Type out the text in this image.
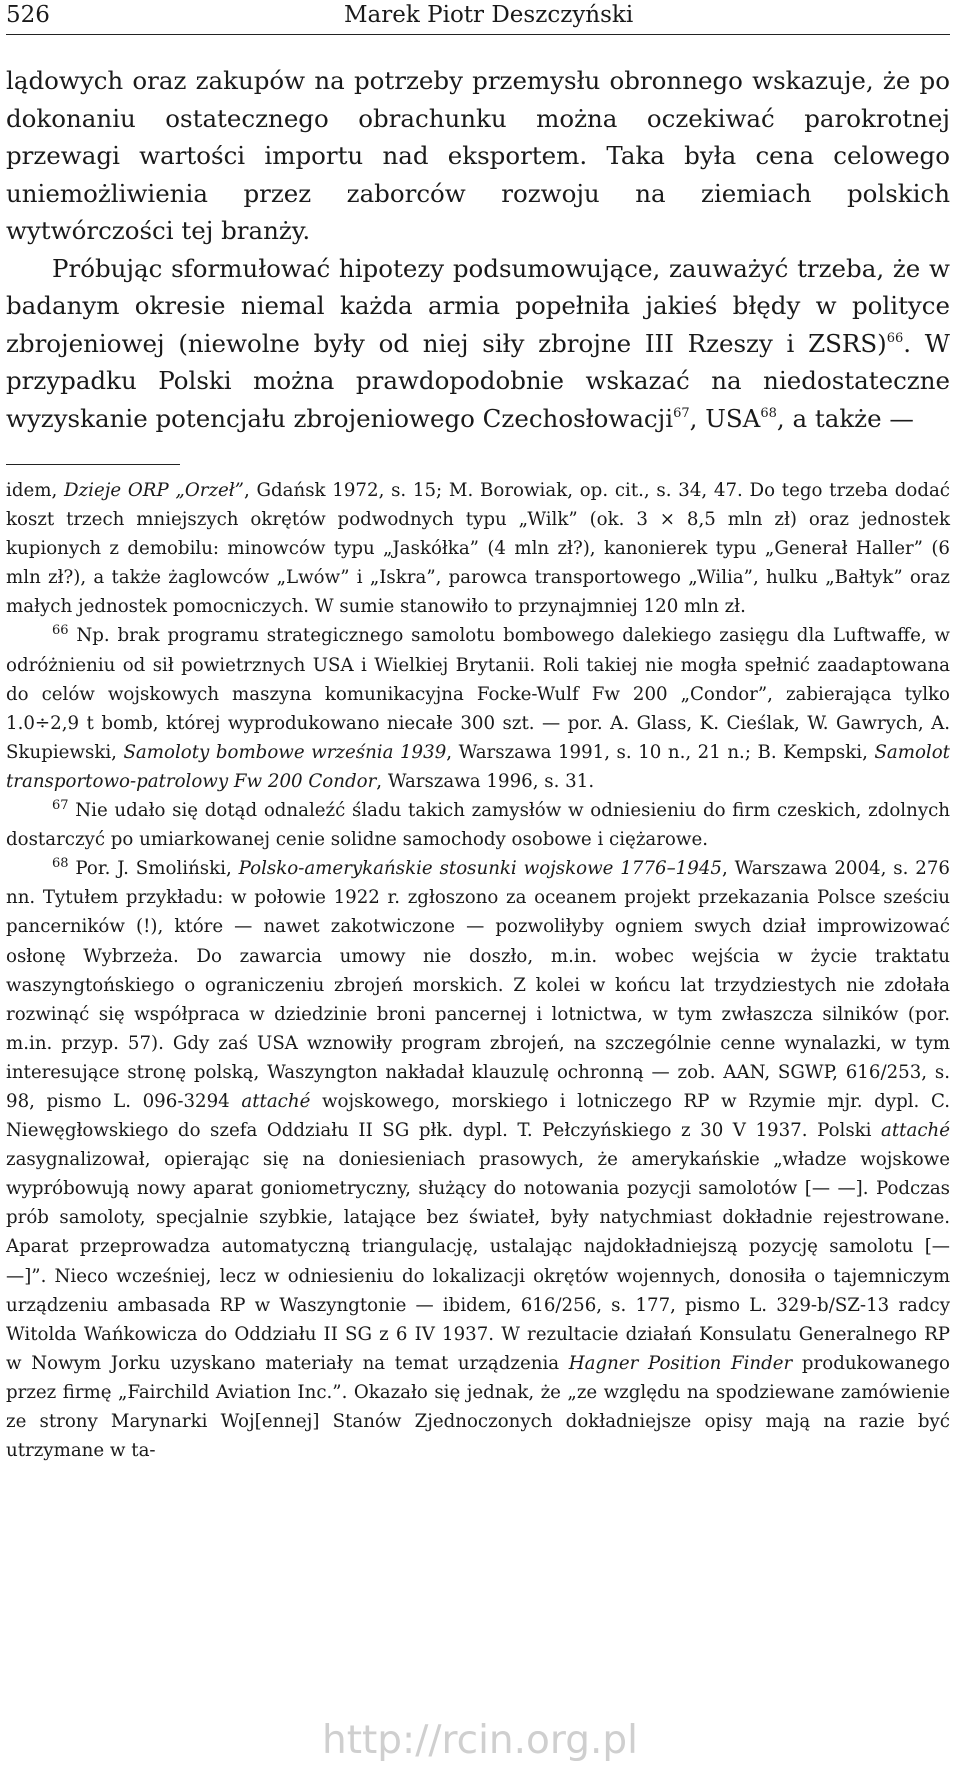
526	Marek Piotr Deszczyński

lądowych oraz zakupów na potrzeby przemysłu obronnego wskazuje, że po dokonaniu ostatecznego obrachunku można oczekiwać parokrotnej przewagi wartości importu nad eksportem. Taka była cena celowego uniemożliwienia przez zaborców rozwoju na ziemiach polskich wytwórczości tej branży.

Próbując sformułować hipotezy podsumowujące, zauważyć trzeba, że w badanym okresie niemal każda armia popełniła jakieś błędy w polityce zbrojeniowej (niewolne były od niej siły zbrojne III Rzeszy i ZSRS)$^{66}$. W przypadku Polski można prawdopodobnie wskazać na niedostateczne wyzyskanie potencjału zbrojeniowego Czechosłowacji$^{67}$, USA$^{68}$, a także —

idem, Dzieje ORP „Orzeł”, Gdańsk 1972, s. 15; M. Borowiak, op. cit., s. 34, 47. Do tego trzeba dodać koszt trzech mniejszych okrętów podwodnych typu „Wilk” (ok. 3 × 8,5 mln zł) oraz jednostek kupionych z demobilu: minowców typu „Jaskółka” (4 mln zł?), kanonierek typu „Generał Haller” (6 mln zł?), a także żaglowców „Lwów” i „Iskra”, parowca transportowego „Wilia”, hulku „Bałtyk” oraz małych jednostek pomocniczych. W sumie stanowiło to przynajmniej 120 mln zł.

$^{66}$ Np. brak programu strategicznego samolotu bombowego dalekiego zasięgu dla Luftwaffe, w odróżnieniu od sił powietrznych USA i Wielkiej Brytanii. Roli takiej nie mogła spełnić zaadaptowana do celów wojskowych maszyna komunikacyjna Focke-Wulf Fw 200 „Condor”, zabierająca tylko 1.0÷2,9 t bomb, której wyprodukowano niecałe 300 szt. — por. A. Glass, K. Cieślak, W. Gawrych, A. Skupiewski, Samoloty bombowe września 1939, Warszawa 1991, s. 10 n., 21 n.; B. Kempski, Samolot transportowo-patrolowy Fw 200 Condor, Warszawa 1996, s. 31.

$^{67}$ Nie udało się dotąd odnaleźć śladu takich zamysłów w odniesieniu do firm czeskich, zdolnych dostarczyć po umiarkowanej cenie solidne samochody osobowe i ciężarowe.

$^{68}$ Por. J. Smoliński, Polsko-amerykańskie stosunki wojskowe 1776–1945, Warszawa 2004, s. 276 nn. Tytułem przykładu: w połowie 1922 r. zgłoszono za oceanem projekt przekazania Polsce sześciu pancerników (!), które — nawet zakotwiczone — pozwoliłyby ogniem swych dział improwizować osłonę Wybrzeża. Do zawarcia umowy nie doszło, m.in. wobec wejścia w życie traktatu waszyngtońskiego o ograniczeniu zbrojeń morskich. Z kolei w końcu lat trzydziestych nie zdołała rozwinąć się współpraca w dziedzinie broni pancernej i lotnictwa, w tym zwłaszcza silników (por. m.in. przyp. 57). Gdy zaś USA wznowiły program zbrojeń, na szczególnie cenne wynalazki, w tym interesujące stronę polską, Waszyngton nakładał klauzulę ochronną — zob. AAN, SGWP, 616/253, s. 98, pismo L. 096-3294 attaché wojskowego, morskiego i lotniczego RP w Rzymie mjr. dypl. C. Niewęgłowskiego do szefa Oddziału II SG płk. dypl. T. Pełczyńskiego z 30 V 1937. Polski attaché zasygnalizował, opierając się na doniesieniach prasowych, że amerykańskie „władze wojskowe wypróbowują nowy aparat goniometryczny, służący do notowania pozycji samolotów [— —]. Podczas prób samoloty, specjalnie szybkie, latające bez świateł, były natychmiast dokładnie rejestrowane. Aparat przeprowadza automatyczną triangulację, ustalając najdokładniejszą pozycję samolotu [— —]”. Nieco wcześniej, lecz w odniesieniu do lokalizacji okrętów wojennych, donosiła o tajemniczym urządzeniu ambasada RP w Waszyngtonie — ibidem, 616/256, s. 177, pismo L. 329-b/SZ-13 radcy Witolda Wańkowicza do Oddziału II SG z 6 IV 1937. W rezultacie działań Konsulatu Generalnego RP w Nowym Jorku uzyskano materiały na temat urządzenia Hagner Position Finder produkowanego przez firmę „Fairchild Aviation Inc.”. Okazało się jednak, że „ze względu na spodziewane zamówienie ze strony Marynarki Woj[ennej] Stanów Zjednoczonych dokładniejsze opisy mają na razie być utrzymane w ta-

http://rcin.org.pl
